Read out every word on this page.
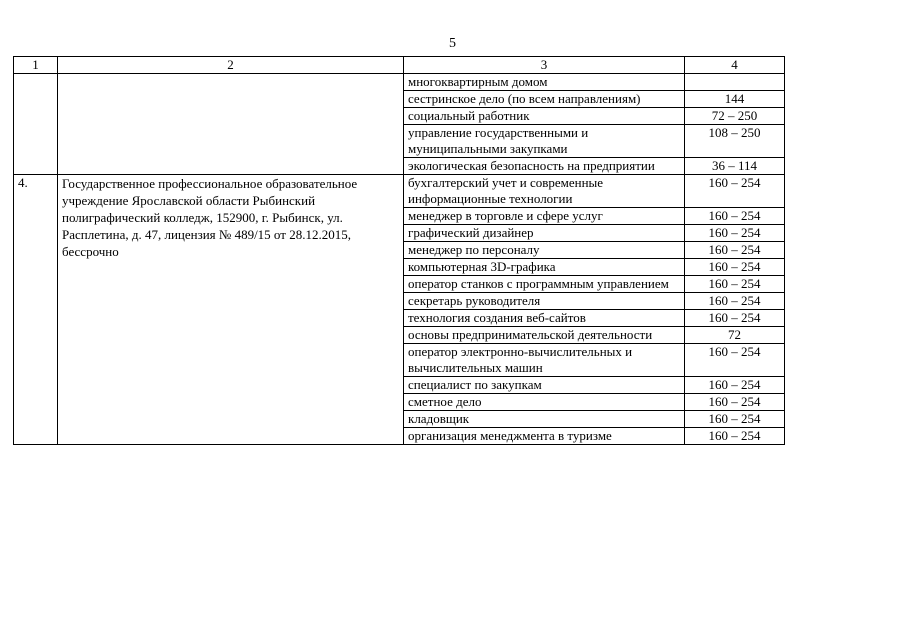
5
1	2	3	4
		многоквартирным домом	
		сестринское дело (по всем направлениям)	144
		социальный работник	72 – 250
		управление государственными и муниципальными закупками	108 – 250
		экологическая безопасность на предприятии	36 – 114
4.	Государственное профессиональное образовательное учреждение Ярославской области Рыбинский полиграфический колледж, 152900, г. Рыбинск, ул. Расплетина, д. 47, лицензия № 489/15 от 28.12.2015, бессрочно	бухгалтерский учет и современные информационные технологии	160 – 254
		менеджер в торговле и сфере услуг	160 – 254
		графический дизайнер	160 – 254
		менеджер по персоналу	160 – 254
		компьютерная 3D-графика	160 – 254
		оператор станков с программным управлением	160 – 254
		секретарь руководителя	160 – 254
		технология создания веб-сайтов	160 – 254
		основы предпринимательской деятельности	72
		оператор электронно-вычислительных и вычислительных машин	160 – 254
		специалист по закупкам	160 – 254
		сметное дело	160 – 254
		кладовщик	160 – 254
		организация менеджмента в туризме	160 – 254
